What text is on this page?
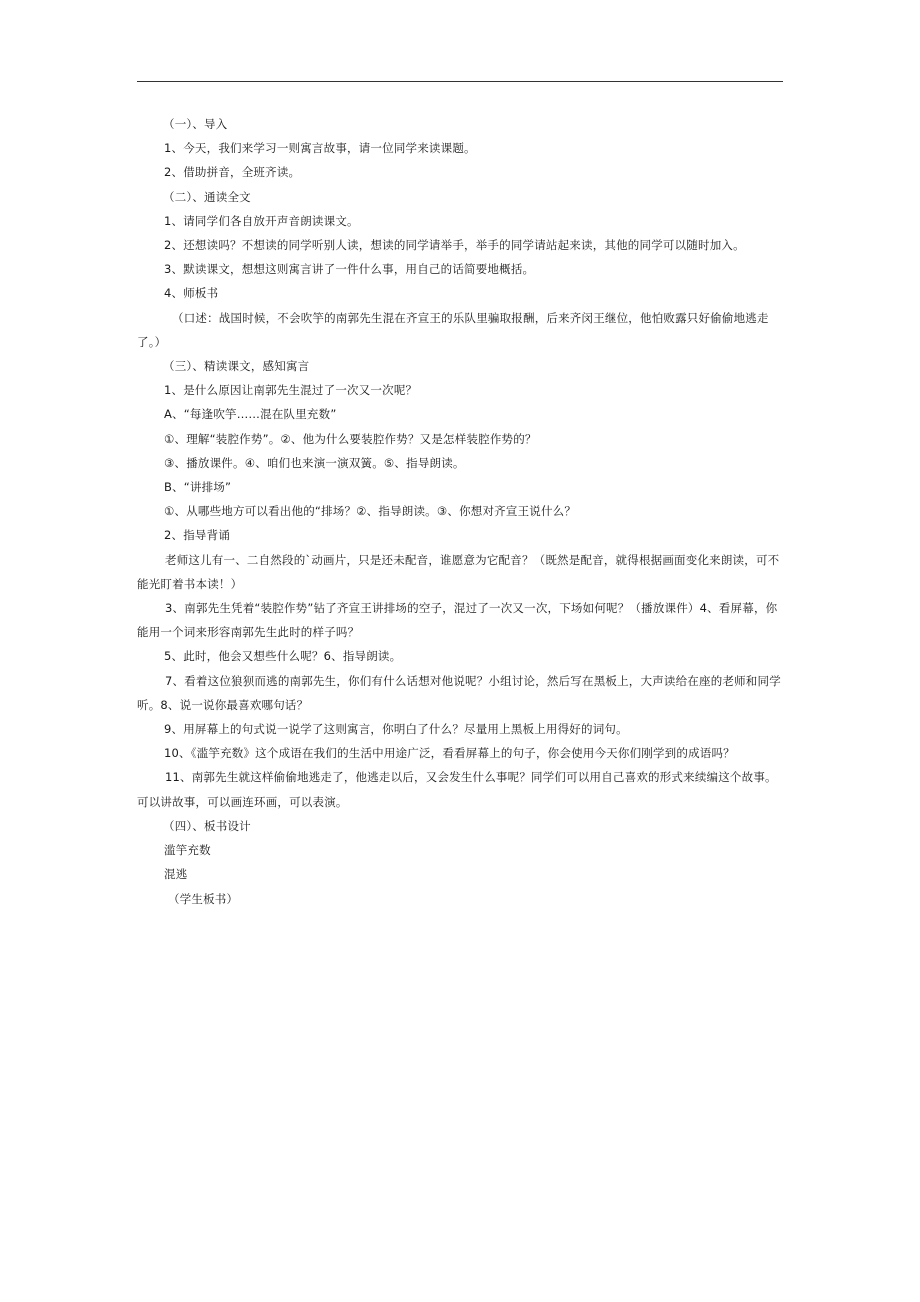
（一）、导入

1、今天，我们来学习一则寓言故事，请一位同学来读课题。

2、借助拼音，全班齐读。

（二）、通读全文

1、请同学们各自放开声音朗读课文。

2、还想读吗？不想读的同学听别人读，想读的同学请举手，举手的同学请站起来读，其他的同学可以随时加入。

3、默读课文，想想这则寓言讲了一件什么事，用自己的话简要地概括。

4、师板书

（口述：战国时候，不会吹竽的南郭先生混在齐宣王的乐队里骗取报酬，后来齐闵王继位，他怕败露只好偷偷地逃走了。）

（三）、精读课文，感知寓言

1、是什么原因让南郭先生混过了一次又一次呢？

A、“每逢吹竽……混在队里充数”

①、理解“装腔作势”。②、他为什么要装腔作势？又是怎样装腔作势的？

③、播放课件。④、咱们也来演一演双簧。⑤、指导朗读。

B、“讲排场”

①、从哪些地方可以看出他的“排场？②、指导朗读。③、你想对齐宣王说什么？

2、指导背诵

老师这儿有一、二自然段的`动画片，只是还未配音，谁愿意为它配音？（既然是配音，就得根据画面变化来朗读，可不能光盯着书本读！）

3、南郭先生凭着“装腔作势”钻了齐宣王讲排场的空子，混过了一次又一次，下场如何呢？（播放课件）4、看屏幕，你能用一个词来形容南郭先生此时的样子吗？

5、此时，他会又想些什么呢？6、指导朗读。

7、看着这位狼狈而逃的南郭先生，你们有什么话想对他说呢？小组讨论，然后写在黑板上，大声读给在座的老师和同学听。8、说一说你最喜欢哪句话？

9、用屏幕上的句式说一说学了这则寓言，你明白了什么？尽量用上黑板上用得好的词句。

10、《滥竽充数》这个成语在我们的生活中用途广泛，看看屏幕上的句子，你会使用今天你们刚学到的成语吗？

11、南郭先生就这样偷偷地逃走了，他逃走以后，又会发生什么事呢？同学们可以用自己喜欢的形式来续编这个故事。可以讲故事，可以画连环画，可以表演。

（四）、板书设计

滥竽充数

混逃

（学生板书）
